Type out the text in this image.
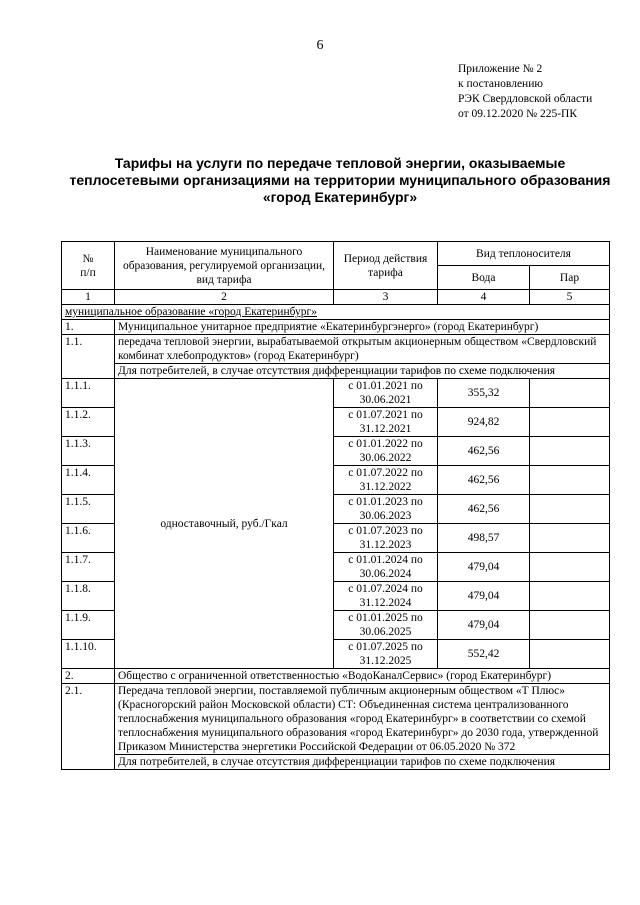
6
Приложение № 2
к постановлению
РЭК Свердловской области
от 09.12.2020 № 225-ПК
Тарифы на услуги по передаче тепловой энергии, оказываемые
теплосетевыми организациями на территории муниципального образования
«город Екатеринбург»
№
п/п	Наименование муниципального образования, регулируемой организации, вид тарифа	Период действия тарифа	Вид теплоносителя	
			Вода	Пар
1	2	3	4	5
муниципальное образование «город Екатеринбург»				
1.	Муниципальное унитарное предприятие «Екатеринбургэнерго» (город Екатеринбург)			
1.1.	передача тепловой энергии, вырабатываемой открытым акционерным обществом «Свердловский комбинат хлебопродуктов» (город Екатеринбург)			
	Для потребителей, в случае отсутствия дифференциации тарифов по схеме подключения			
1.1.1.	одноставочный, руб./Гкал	с 01.01.2021 по
30.06.2021	355,32	
1.1.2.		с 01.07.2021 по
31.12.2021	924,82	
1.1.3.		с 01.01.2022 по
30.06.2022	462,56	
1.1.4.		с 01.07.2022 по
31.12.2022	462,56	
1.1.5.		с 01.01.2023 по
30.06.2023	462,56	
1.1.6.		с 01.07.2023 по
31.12.2023	498,57	
1.1.7.		с 01.01.2024 по
30.06.2024	479,04	
1.1.8.		с 01.07.2024 по
31.12.2024	479,04	
1.1.9.		с 01.01.2025 по
30.06.2025	479,04	
1.1.10.		с 01.07.2025 по
31.12.2025	552,42	
2.	Общество с ограниченной ответственностью «ВодоКаналСервис» (город Екатеринбург)			
2.1.	Передача тепловой энергии, поставляемой публичным акционерным обществом «Т Плюс» (Красногорский район Московской области) СТ: Объединенная система централизованного теплоснабжения муниципального образования «город Екатеринбург» в соответствии со схемой теплоснабжения муниципального образования «город Екатеринбург» до 2030 года, утвержденной Приказом Министерства энергетики Российской Федерации от 06.05.2020 № 372			
	Для потребителей, в случае отсутствия дифференциации тарифов по схеме подключения			
